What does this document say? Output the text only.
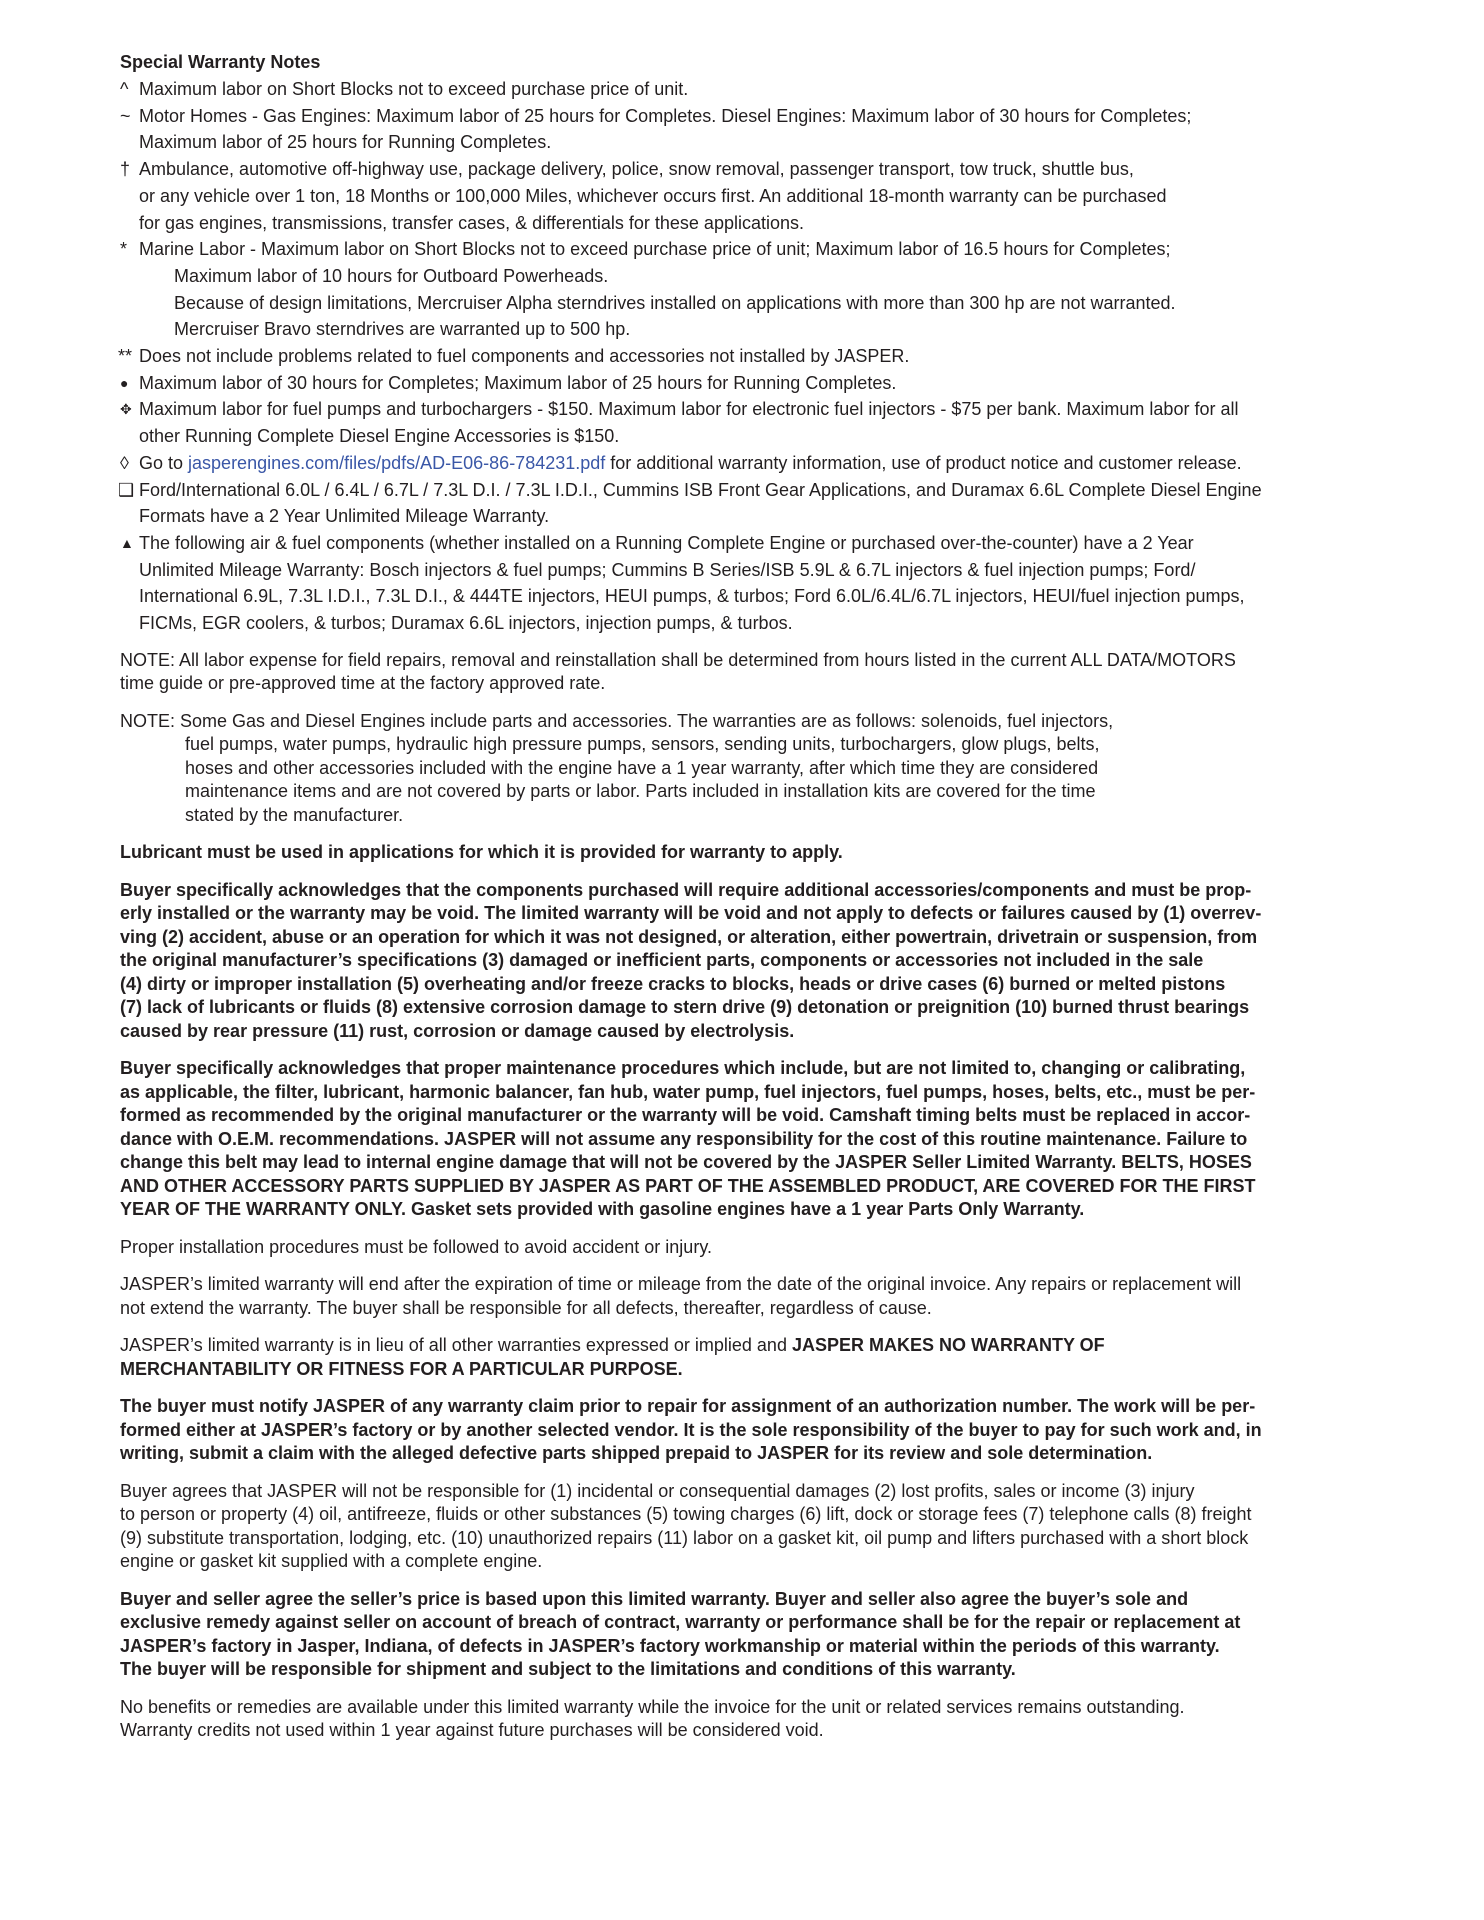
Special Warranty Notes
^ Maximum labor on Short Blocks not to exceed purchase price of unit.
~ Motor Homes - Gas Engines: Maximum labor of 25 hours for Completes. Diesel Engines: Maximum labor of 30 hours for Completes;
Maximum labor of 25 hours for Running Completes.
† Ambulance, automotive off-highway use, package delivery, police, snow removal, passenger transport, tow truck, shuttle bus,
or any vehicle over 1 ton, 18 Months or 100,000 Miles, whichever occurs first. An additional 18-month warranty can be purchased
for gas engines, transmissions, transfer cases, & differentials for these applications.
* Marine Labor - Maximum labor on Short Blocks not to exceed purchase price of unit; Maximum labor of 16.5 hours for Completes;
Maximum labor of 10 hours for Outboard Powerheads.
Because of design limitations, Mercruiser Alpha sterndrives installed on applications with more than 300 hp are not warranted.
Mercruiser Bravo sterndrives are warranted up to 500 hp.
** Does not include problems related to fuel components and accessories not installed by JASPER.
● Maximum labor of 30 hours for Completes; Maximum labor of 25 hours for Running Completes.
✥ Maximum labor for fuel pumps and turbochargers - $150. Maximum labor for electronic fuel injectors - $75 per bank. Maximum labor for all
other Running Complete Diesel Engine Accessories is $150.
◊ Go to jasperengines.com/files/pdfs/AD-E06-86-784231.pdf for additional warranty information, use of product notice and customer release.
❑ Ford/International 6.0L / 6.4L / 6.7L / 7.3L D.I. / 7.3L I.D.I., Cummins ISB Front Gear Applications, and Duramax 6.6L Complete Diesel Engine
Formats have a 2 Year Unlimited Mileage Warranty.
▲ The following air & fuel components (whether installed on a Running Complete Engine or purchased over-the-counter) have a 2 Year
Unlimited Mileage Warranty: Bosch injectors & fuel pumps; Cummins B Series/ISB 5.9L & 6.7L injectors & fuel injection pumps; Ford/
International 6.9L, 7.3L I.D.I., 7.3L D.I., & 444TE injectors, HEUI pumps, & turbos; Ford 6.0L/6.4L/6.7L injectors, HEUI/fuel injection pumps,
FICMs, EGR coolers, & turbos; Duramax 6.6L injectors, injection pumps, & turbos.

NOTE: All labor expense for field repairs, removal and reinstallation shall be determined from hours listed in the current ALL DATA/MOTORS
time guide or pre-approved time at the factory approved rate.

NOTE: Some Gas and Diesel Engines include parts and accessories. The warranties are as follows: solenoids, fuel injectors,
fuel pumps, water pumps, hydraulic high pressure pumps, sensors, sending units, turbochargers, glow plugs, belts,
hoses and other accessories included with the engine have a 1 year warranty, after which time they are considered
maintenance items and are not covered by parts or labor. Parts included in installation kits are covered for the time
stated by the manufacturer.

Lubricant must be used in applications for which it is provided for warranty to apply.

Buyer specifically acknowledges that the components purchased will require additional accessories/components and must be prop-
erly installed or the warranty may be void. The limited warranty will be void and not apply to defects or failures caused by (1) overrev-
ving (2) accident, abuse or an operation for which it was not designed, or alteration, either powertrain, drivetrain or suspension, from
the original manufacturer’s specifications (3) damaged or inefficient parts, components or accessories not included in the sale
(4) dirty or improper installation (5) overheating and/or freeze cracks to blocks, heads or drive cases (6) burned or melted pistons
(7) lack of lubricants or fluids (8) extensive corrosion damage to stern drive (9) detonation or preignition (10) burned thrust bearings
caused by rear pressure (11) rust, corrosion or damage caused by electrolysis.

Buyer specifically acknowledges that proper maintenance procedures which include, but are not limited to, changing or calibrating,
as applicable, the filter, lubricant, harmonic balancer, fan hub, water pump, fuel injectors, fuel pumps, hoses, belts, etc., must be per-
formed as recommended by the original manufacturer or the warranty will be void. Camshaft timing belts must be replaced in accor-
dance with O.E.M. recommendations. JASPER will not assume any responsibility for the cost of this routine maintenance. Failure to
change this belt may lead to internal engine damage that will not be covered by the JASPER Seller Limited Warranty. BELTS, HOSES
AND OTHER ACCESSORY PARTS SUPPLIED BY JASPER AS PART OF THE ASSEMBLED PRODUCT, ARE COVERED FOR THE FIRST
YEAR OF THE WARRANTY ONLY. Gasket sets provided with gasoline engines have a 1 year Parts Only Warranty.

Proper installation procedures must be followed to avoid accident or injury.

JASPER’s limited warranty will end after the expiration of time or mileage from the date of the original invoice. Any repairs or replacement will
not extend the warranty. The buyer shall be responsible for all defects, thereafter, regardless of cause.

JASPER’s limited warranty is in lieu of all other warranties expressed or implied and JASPER MAKES NO WARRANTY OF
MERCHANTABILITY OR FITNESS FOR A PARTICULAR PURPOSE.

The buyer must notify JASPER of any warranty claim prior to repair for assignment of an authorization number. The work will be per-
formed either at JASPER’s factory or by another selected vendor. It is the sole responsibility of the buyer to pay for such work and, in
writing, submit a claim with the alleged defective parts shipped prepaid to JASPER for its review and sole determination.

Buyer agrees that JASPER will not be responsible for (1) incidental or consequential damages (2) lost profits, sales or income (3) injury
to person or property (4) oil, antifreeze, fluids or other substances (5) towing charges (6) lift, dock or storage fees (7) telephone calls (8) freight
(9) substitute transportation, lodging, etc. (10) unauthorized repairs (11) labor on a gasket kit, oil pump and lifters purchased with a short block
engine or gasket kit supplied with a complete engine.

Buyer and seller agree the seller’s price is based upon this limited warranty. Buyer and seller also agree the buyer’s sole and
exclusive remedy against seller on account of breach of contract, warranty or performance shall be for the repair or replacement at
JASPER’s factory in Jasper, Indiana, of defects in JASPER’s factory workmanship or material within the periods of this warranty.
The buyer will be responsible for shipment and subject to the limitations and conditions of this warranty.

No benefits or remedies are available under this limited warranty while the invoice for the unit or related services remains outstanding.
Warranty credits not used within 1 year against future purchases will be considered void.
